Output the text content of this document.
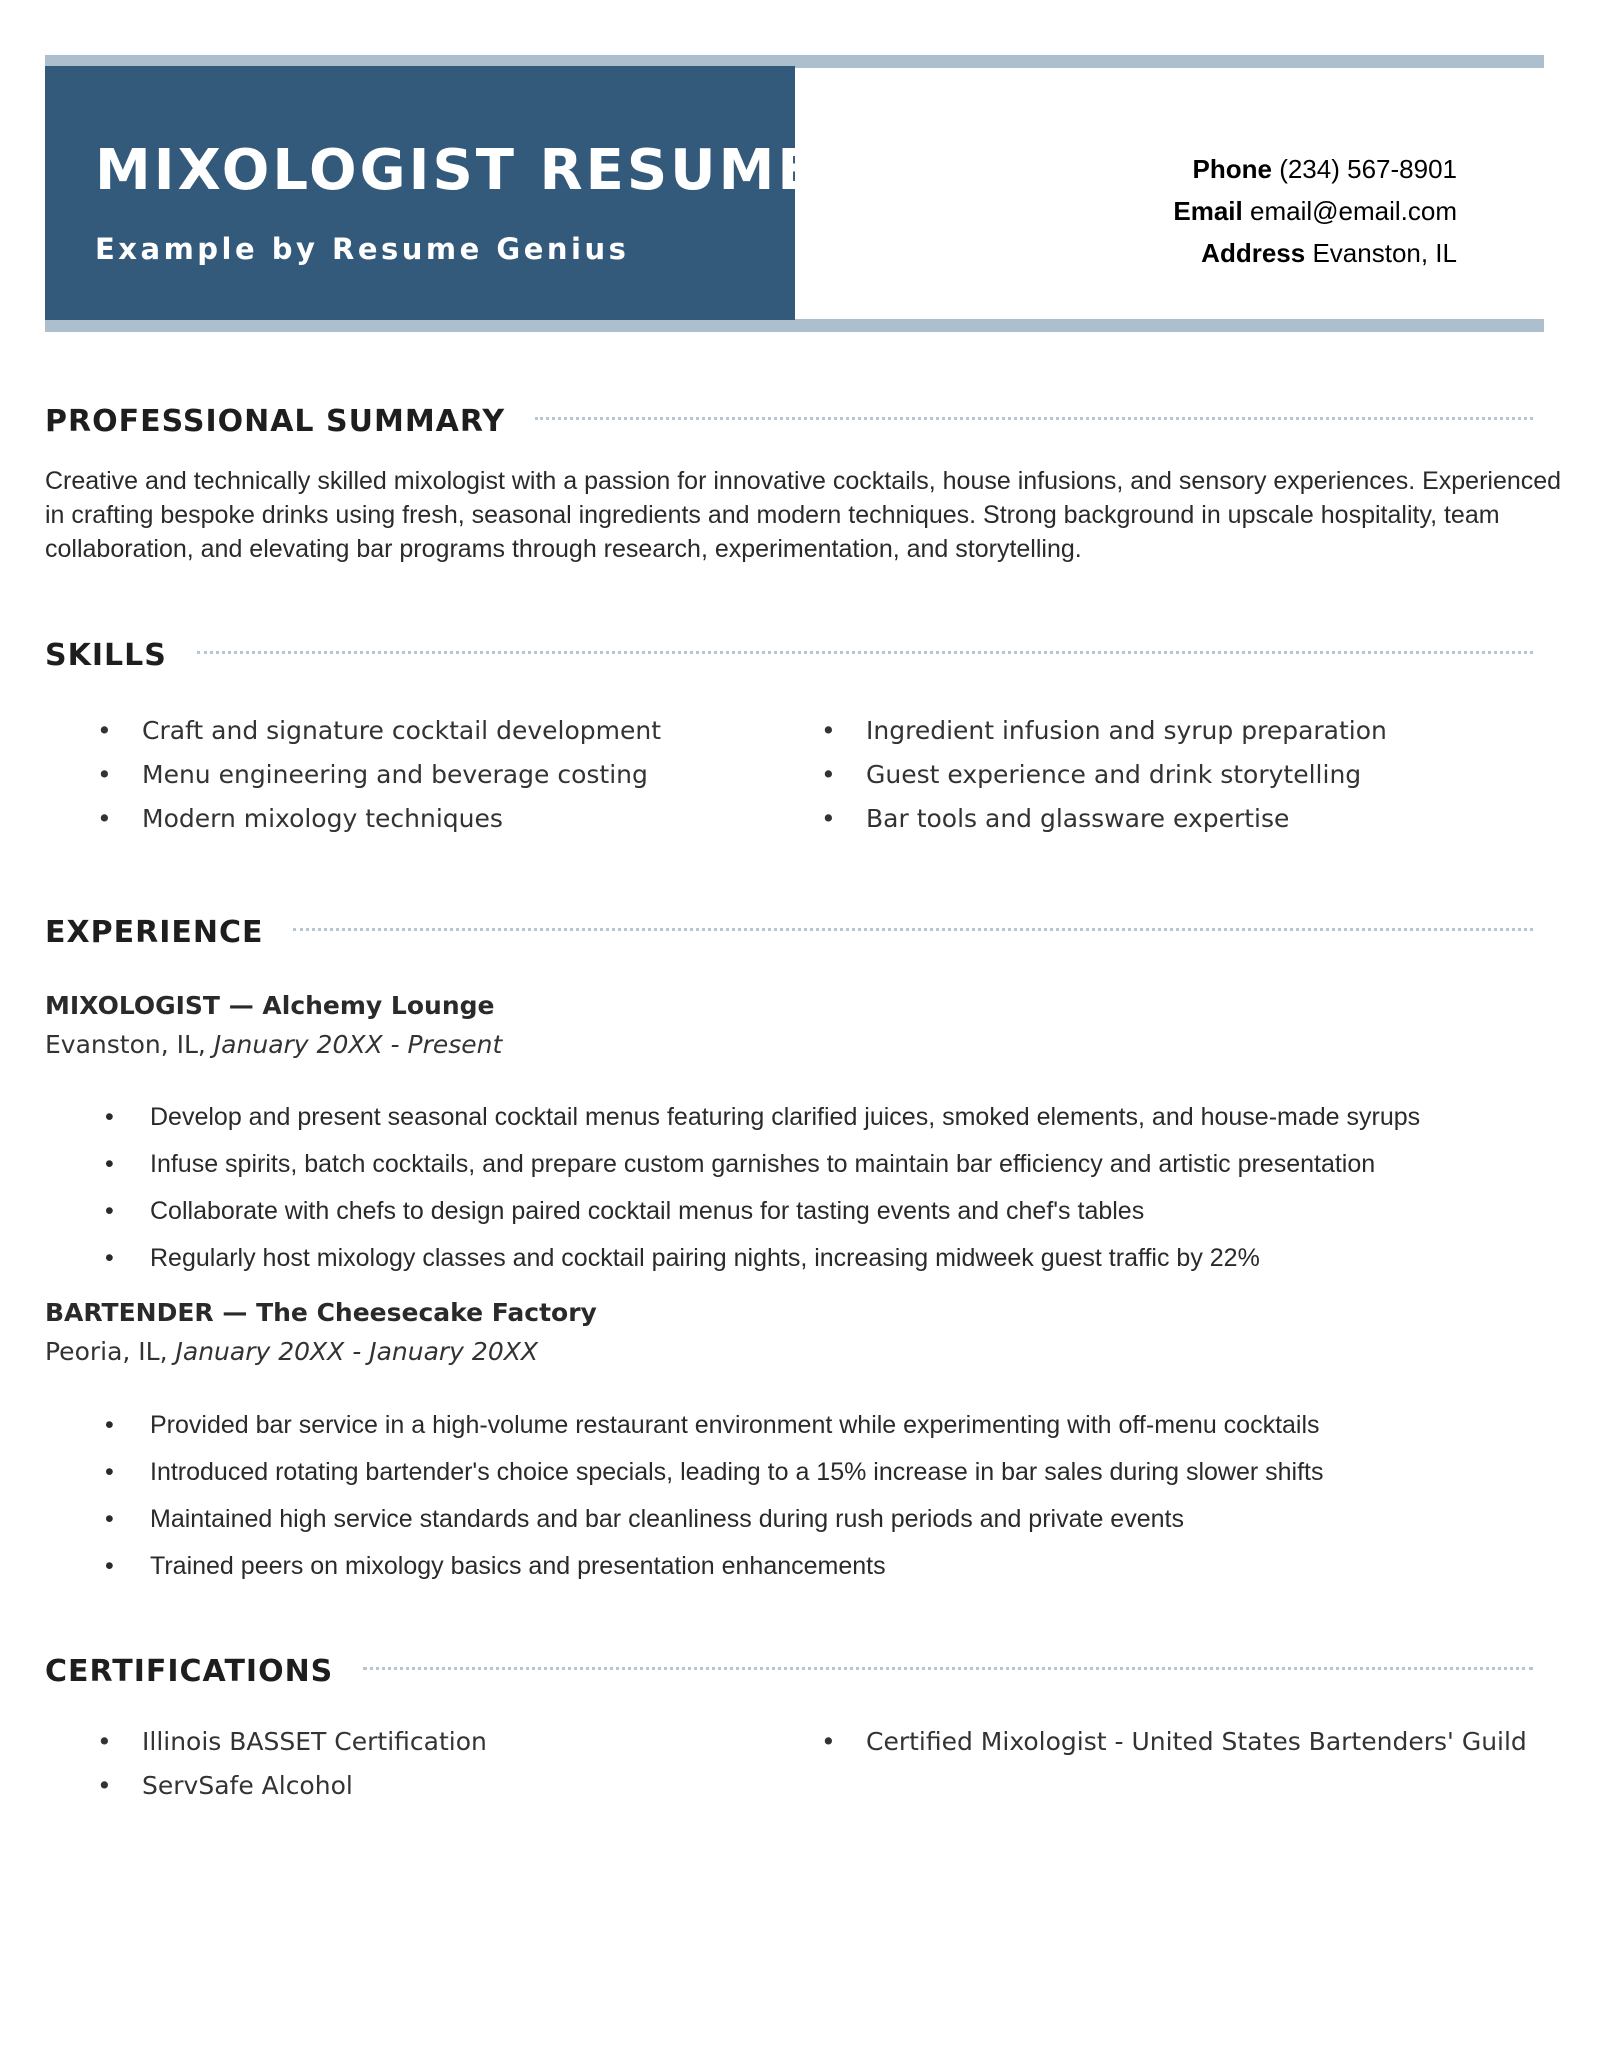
MIXOLOGIST RESUME
Example by Resume Genius
Phone (234) 567-8901
Email email@email.com
Address Evanston, IL
PROFESSIONAL SUMMARY

Creative and technically skilled mixologist with a passion for innovative cocktails, house infusions, and sensory experiences. Experienced in crafting bespoke drinks using fresh, seasonal ingredients and modern techniques. Strong background in upscale hospitality, team collaboration, and elevating bar programs through research, experimentation, and storytelling.

SKILLS
• Craft and signature cocktail development
• Menu engineering and beverage costing
• Modern mixology techniques
• Ingredient infusion and syrup preparation
• Guest experience and drink storytelling
• Bar tools and glassware expertise
EXPERIENCE
MIXOLOGIST — Alchemy Lounge
Evanston, IL, January 20XX - Present
• Develop and present seasonal cocktail menus featuring clarified juices, smoked elements, and house-made syrups
• Infuse spirits, batch cocktails, and prepare custom garnishes to maintain bar efficiency and artistic presentation
• Collaborate with chefs to design paired cocktail menus for tasting events and chef's tables
• Regularly host mixology classes and cocktail pairing nights, increasing midweek guest traffic by 22%
BARTENDER — The Cheesecake Factory
Peoria, IL, January 20XX - January 20XX
• Provided bar service in a high-volume restaurant environment while experimenting with off-menu cocktails
• Introduced rotating bartender's choice specials, leading to a 15% increase in bar sales during slower shifts
• Maintained high service standards and bar cleanliness during rush periods and private events
• Trained peers on mixology basics and presentation enhancements
CERTIFICATIONS
• Illinois BASSET Certification
• ServSafe Alcohol
• Certified Mixologist - United States Bartenders' Guild
